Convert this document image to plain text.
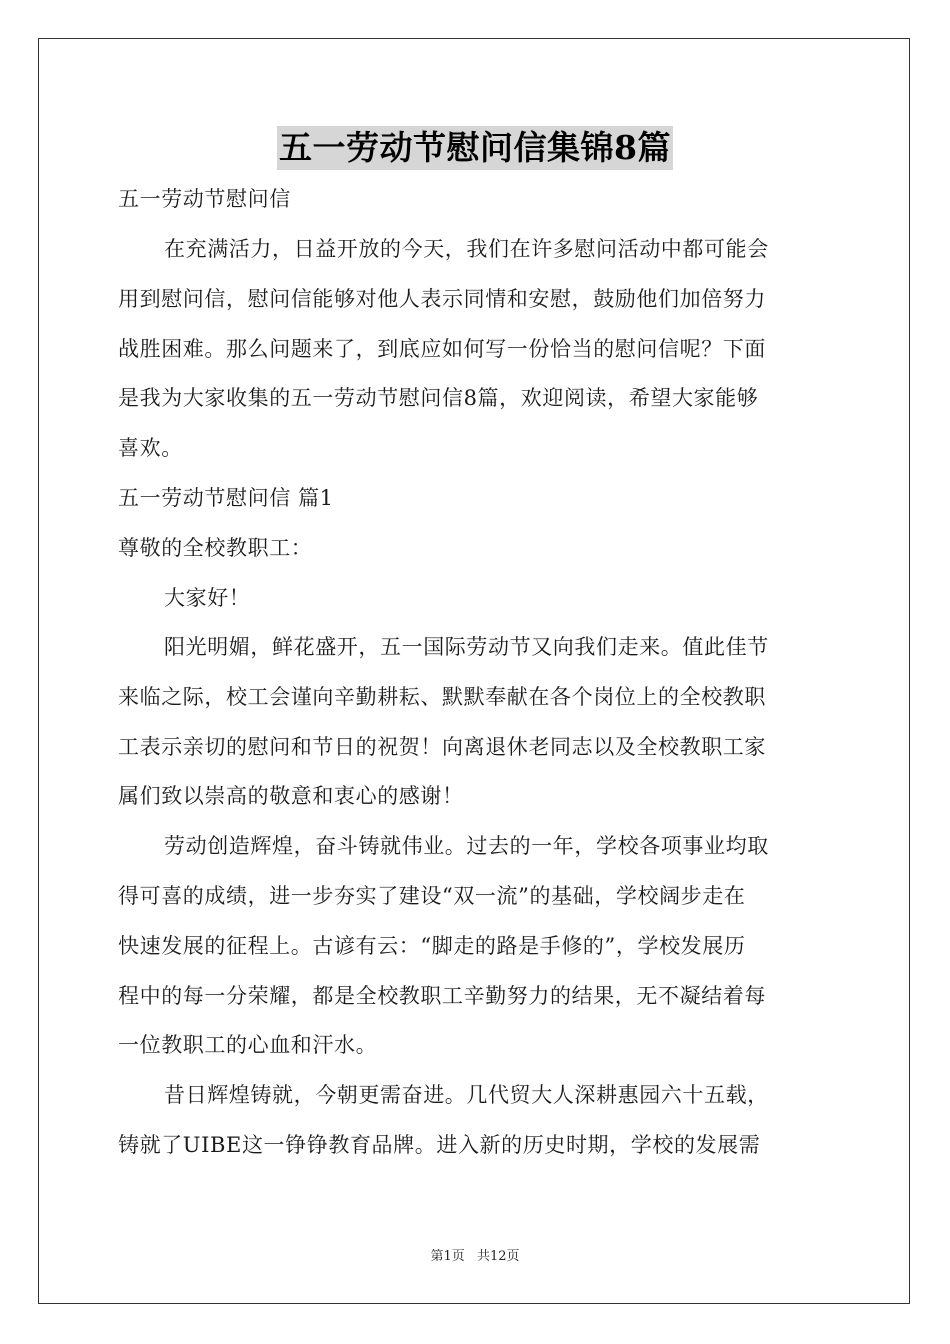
五一劳动节慰问信集锦8篇
五一劳动节慰问信
在充满活力，日益开放的今天，我们在许多慰问活动中都可能会
用到慰问信，慰问信能够对他人表示同情和安慰，鼓励他们加倍努力
战胜困难。那么问题来了，到底应如何写一份恰当的慰问信呢？下面
是我为大家收集的五一劳动节慰问信8篇，欢迎阅读，希望大家能够
喜欢。
五一劳动节慰问信 篇1
尊敬的全校教职工：
大家好！
阳光明媚，鲜花盛开，五一国际劳动节又向我们走来。值此佳节
来临之际，校工会谨向辛勤耕耘、默默奉献在各个岗位上的全校教职
工表示亲切的慰问和节日的祝贺！向离退休老同志以及全校教职工家
属们致以崇高的敬意和衷心的感谢！
劳动创造辉煌，奋斗铸就伟业。过去的一年，学校各项事业均取
得可喜的成绩，进一步夯实了建设“双一流”的基础，学校阔步走在
快速发展的征程上。古谚有云：“脚走的路是手修的”，学校发展历
程中的每一分荣耀，都是全校教职工辛勤努力的结果，无不凝结着每
一位教职工的心血和汗水。
昔日辉煌铸就，今朝更需奋进。几代贸大人深耕惠园六十五载，
铸就了UIBE这一铮铮教育品牌。进入新的历史时期，学校的发展需
第1页 共12页
